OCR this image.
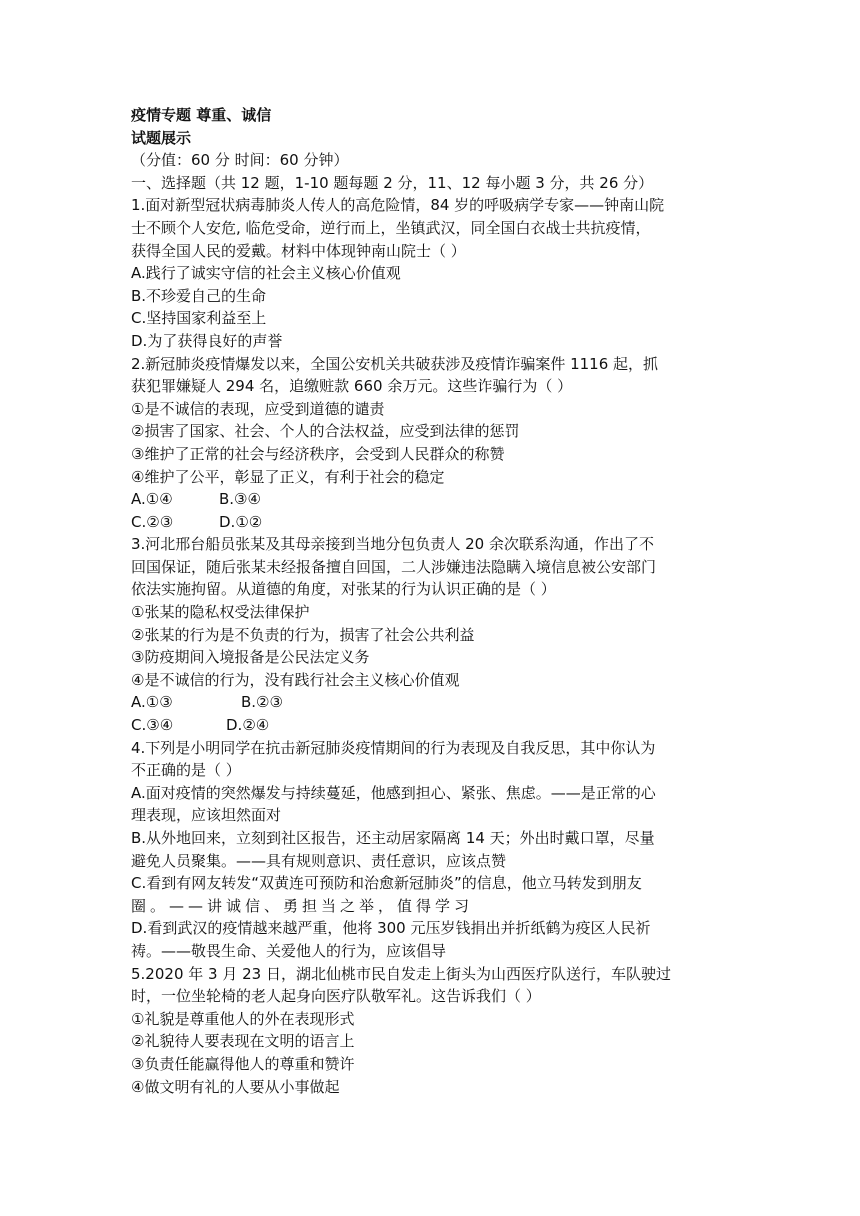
疫情专题 尊重、诚信
试题展示
（分值：60 分 时间：60 分钟）
一、选择题（共 12 题，1-10 题每题 2 分，11、12 每小题 3 分，共 26 分）
1.面对新型冠状病毒肺炎人传人的高危险情，84 岁的呼吸病学专家——钟南山院
士不顾个人安危, 临危受命，逆行而上，坐镇武汉，同全国白衣战士共抗疫情，
获得全国人民的爱戴。材料中体现钟南山院士（ ）
A.践行了诚实守信的社会主义核心价值观
B.不珍爱自己的生命
C.坚持国家利益至上
D.为了获得良好的声誉
2.新冠肺炎疫情爆发以来，全国公安机关共破获涉及疫情诈骗案件 1116 起，抓
获犯罪嫌疑人 294 名，追缴赃款 660 余万元。这些诈骗行为（ ）
①是不诚信的表现，应受到道德的谴责
②损害了国家、社会、个人的合法权益，应受到法律的惩罚
③维护了正常的社会与经济秩序，会受到人民群众的称赞
④维护了公平，彰显了正义，有利于社会的稳定
A.①④	B.③④
C.②③	D.①②
3.河北邢台船员张某及其母亲接到当地分包负责人 20 余次联系沟通，作出了不
回国保证，随后张某未经报备擅自回国，二人涉嫌违法隐瞒入境信息被公安部门
依法实施拘留。从道德的角度，对张某的行为认识正确的是（ ）
①张某的隐私权受法律保护
②张某的行为是不负责的行为，损害了社会公共利益
③防疫期间入境报备是公民法定义务
④是不诚信的行为，没有践行社会主义核心价值观
A.①③	B.②③
C.③④	D.②④
4.下列是小明同学在抗击新冠肺炎疫情期间的行为表现及自我反思，其中你认为
不正确的是（ ）
A.面对疫情的突然爆发与持续蔓延，他感到担心、紧张、焦虑。——是正常的心
理表现，应该坦然面对
B.从外地回来，立刻到社区报告，还主动居家隔离 14 天；外出时戴口罩，尽量
避免人员聚集。——具有规则意识、责任意识，应该点赞
C.看到有网友转发“双黄连可预防和治愈新冠肺炎”的信息，他立马转发到朋友
圈。——讲诚信、勇担当之举，值得学习
D.看到武汉的疫情越来越严重，他将 300 元压岁钱捐出并折纸鹤为疫区人民祈
祷。——敬畏生命、关爱他人的行为，应该倡导
5.2020 年 3 月 23 日，湖北仙桃市民自发走上街头为山西医疗队送行，车队驶过
时，一位坐轮椅的老人起身向医疗队敬军礼。这告诉我们（ ）
①礼貌是尊重他人的外在表现形式
②礼貌待人要表现在文明的语言上
③负责任能赢得他人的尊重和赞许
④做文明有礼的人要从小事做起
